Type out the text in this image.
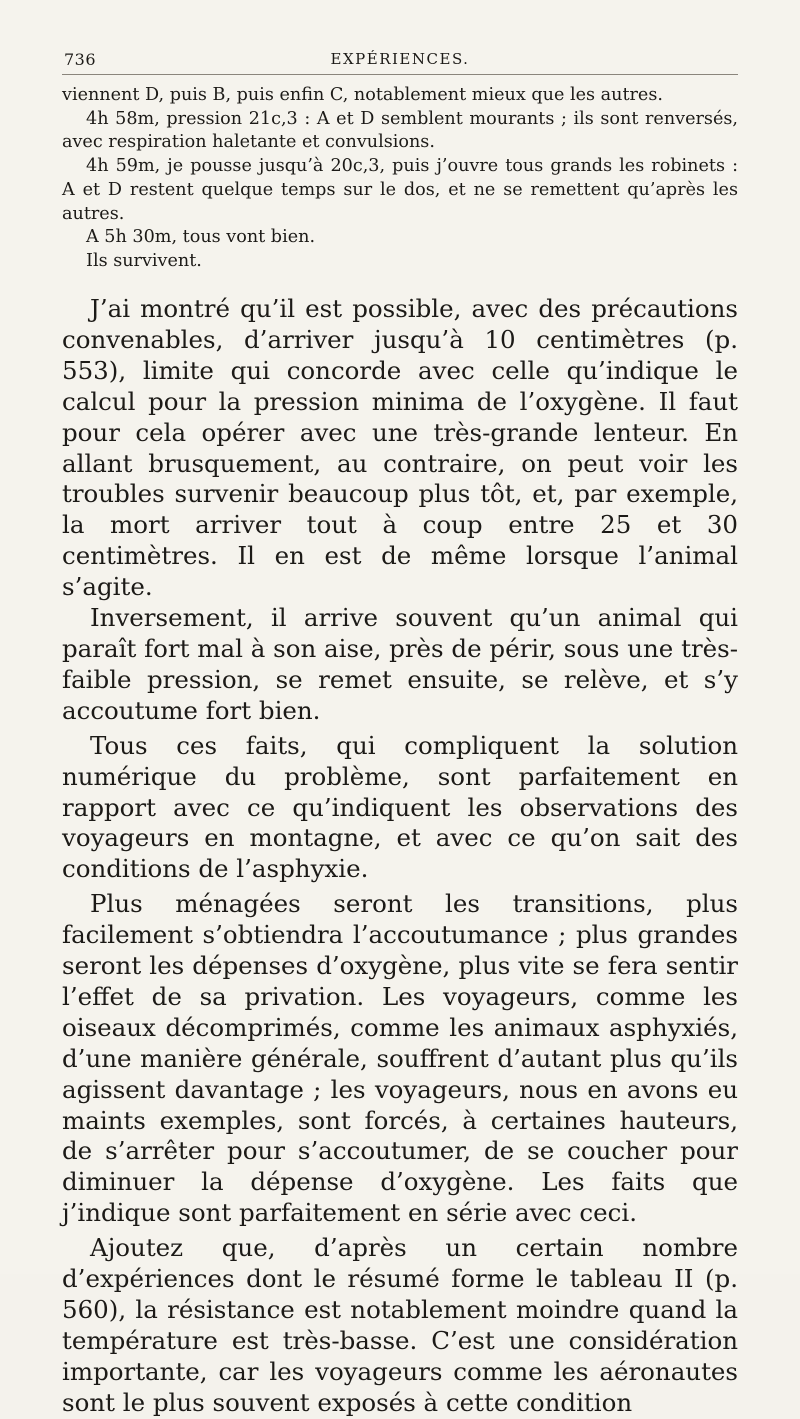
736	EXPÉRIENCES.

viennent D, puis B, puis enfin C, notablement mieux que les autres.

4h 58m, pression 21c,3 : A et D semblent mourants ; ils sont renversés, avec respiration haletante et convulsions.

4h 59m, je pousse jusqu’à 20c,3, puis j’ouvre tous grands les robinets : A et D restent quelque temps sur le dos, et ne se remettent qu’après les autres.

A 5h 30m, tous vont bien.

Ils survivent.

J’ai montré qu’il est possible, avec des précautions convenables, d’arriver jusqu’à 10 centimètres (p. 553), limite qui concorde avec celle qu’indique le calcul pour la pression minima de l’oxygène. Il faut pour cela opérer avec une très-grande lenteur. En allant brusquement, au contraire, on peut voir les troubles survenir beaucoup plus tôt, et, par exemple, la mort arriver tout à coup entre 25 et 30 centimètres. Il en est de même lorsque l’animal s’agite.

Inversement, il arrive souvent qu’un animal qui paraît fort mal à son aise, près de périr, sous une très-faible pression, se remet ensuite, se relève, et s’y accoutume fort bien.

Tous ces faits, qui compliquent la solution numérique du problème, sont parfaitement en rapport avec ce qu’indiquent les observations des voyageurs en montagne, et avec ce qu’on sait des conditions de l’asphyxie.

Plus ménagées seront les transitions, plus facilement s’obtiendra l’accoutumance ; plus grandes seront les dépenses d’oxygène, plus vite se fera sentir l’effet de sa privation. Les voyageurs, comme les oiseaux décomprimés, comme les animaux asphyxiés, d’une manière générale, souffrent d’autant plus qu’ils agissent davantage ; les voyageurs, nous en avons eu maints exemples, sont forcés, à certaines hauteurs, de s’arrêter pour s’accoutumer, de se coucher pour diminuer la dépense d’oxygène. Les faits que j’indique sont parfaitement en série avec ceci.

Ajoutez que, d’après un certain nombre d’expériences dont le résumé forme le tableau II (p. 560), la résistance est notablement moindre quand la température est très-basse. C’est une considération importante, car les voyageurs comme les aéronautes sont le plus souvent exposés à cette condition
